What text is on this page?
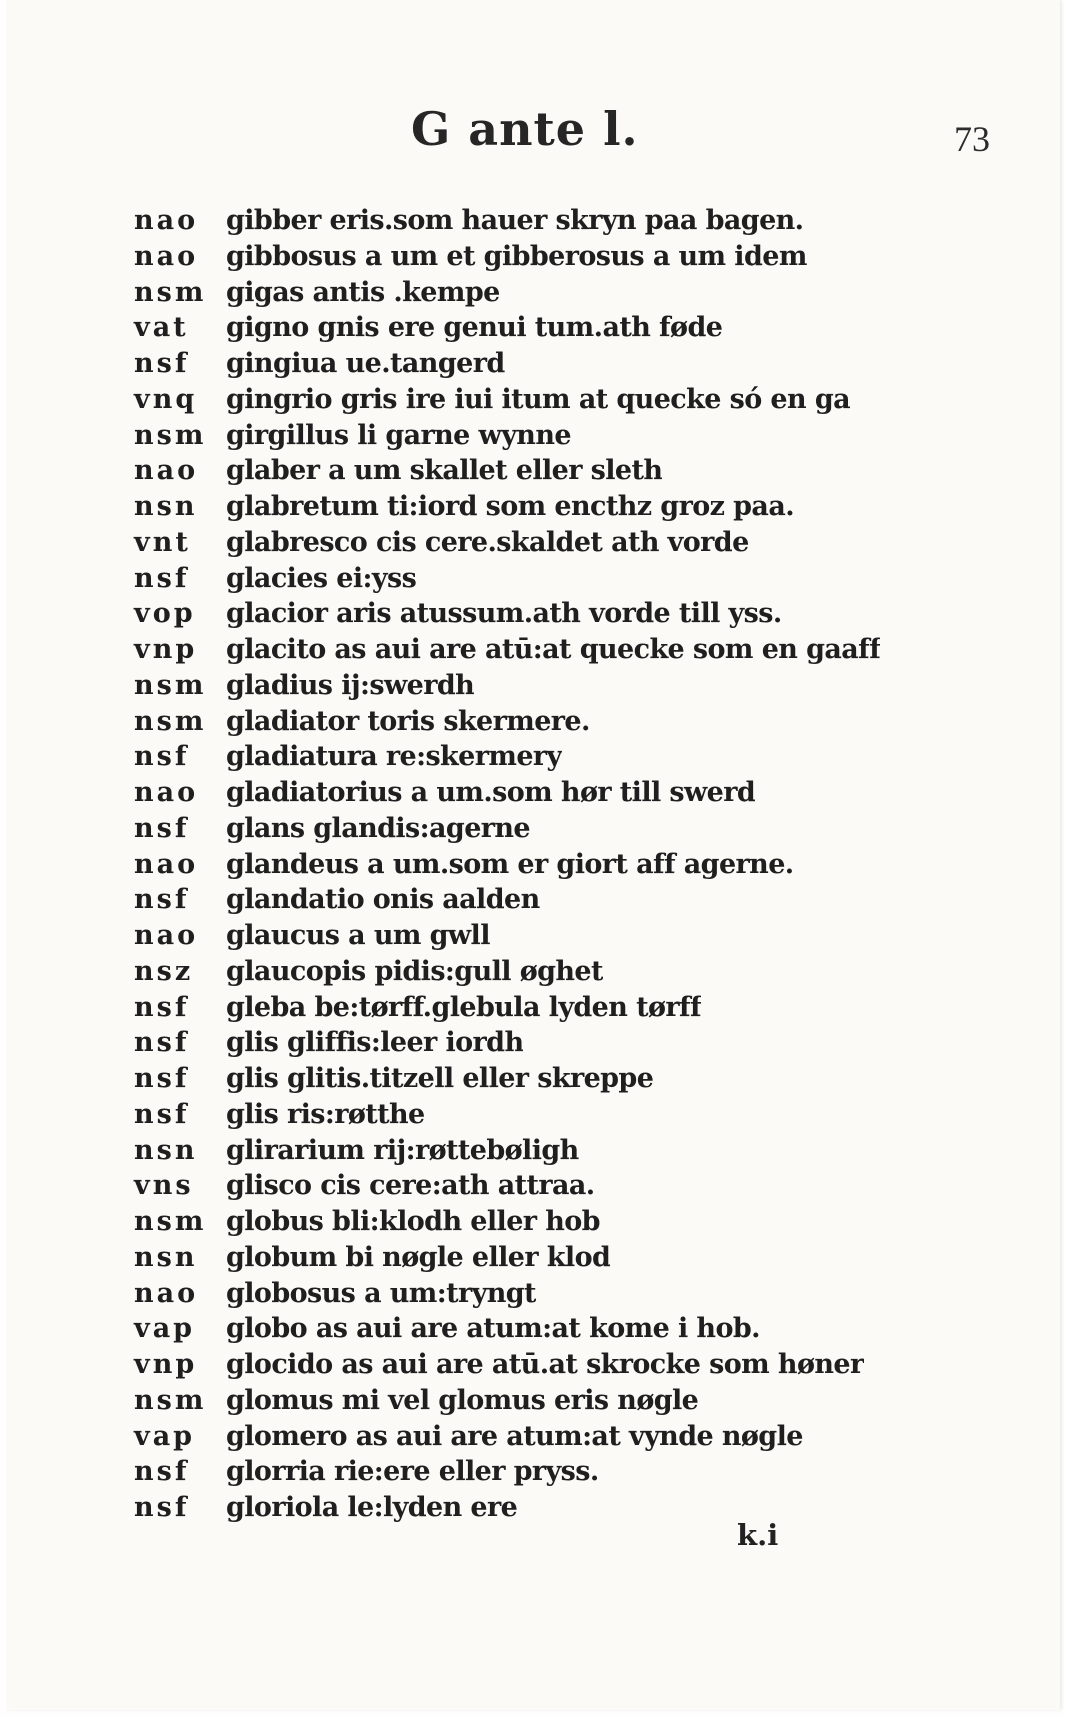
G ante l.	73
nao	gibber eris.som hauer skryn paa bagen.
nao	gibbosus a um et gibberosus a um idem
nsm gigas antis .kempe
vat	gigno gnis ere genui tum.ath føde
nsf	gingiua ue.tangerd
vnq	gingrio gris ire iui itum at quecke só en ga
nsm girgillus li garne wynne
nao	glaber a um skallet eller sleth
nsn	glabretum ti:iord som encthz groz paa.
vnt	glabresco cis cere.skaldet ath vorde
nsf	glacies ei:yss
vop	glacior aris atussum.ath vorde till yss.
vnp	glacito as aui are atū:at quecke som en gaaff
nsm gladius ij:swerdh
nsm gladiator toris skermere.
nsf	gladiatura re:skermery
nao	gladiatorius a um.som hør till swerd
nsf	glans glandis:agerne
nao	glandeus a um.som er giort aff agerne.
nsf	glandatio onis aalden
nao	glaucus a um gwll
nsz	glaucopis pidis:gull øghet
nsf	gleba be:tørff.glebula lyden tørff
nsf	glis gliffis:leer iordh
nsf	glis glitis.titzell eller skreppe
nsf	glis ris:røtthe
nsn	glirarium rij:røttebøligh
vns	glisco cis cere:ath attraa.
nsm globus bli:klodh eller hob
nsn	globum bi nøgle eller klod
nao	globosus a um:tryngt
vap	globo as aui are atum:at kome i hob.
vnp	glocido as aui are atū.at skrocke som høner
nsm glomus mi vel glomus eris nøgle
vap	glomero as aui are atum:at vynde nøgle
nsf	glorria rie:ere eller pryss.
nsf	gloriola le:lyden ere
k.i
